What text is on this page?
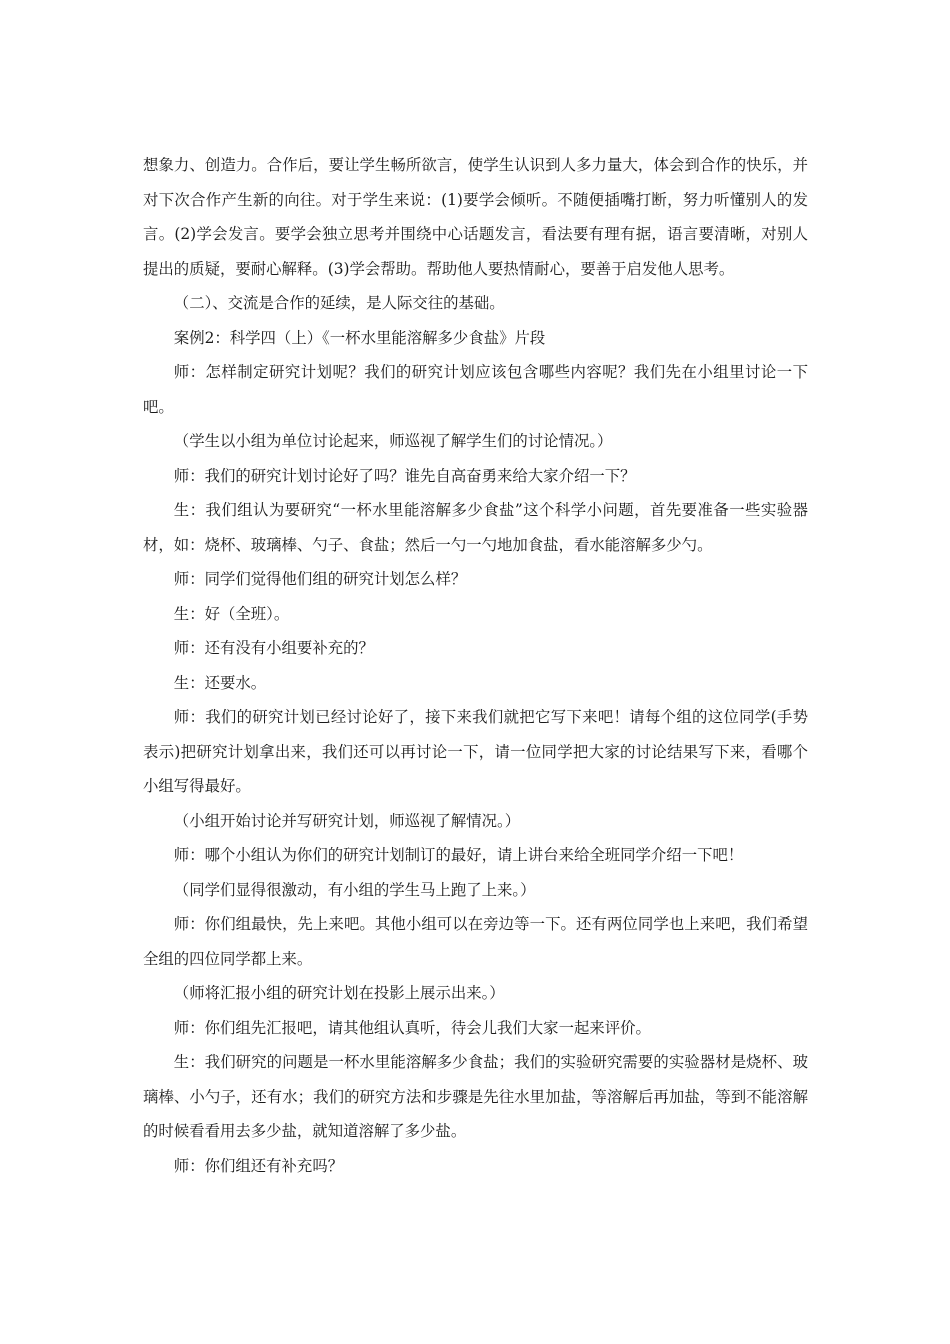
想象力、创造力。合作后，要让学生畅所欲言，使学生认识到人多力量大，体会到合作的快乐，并对下次合作产生新的向往。对于学生来说：(1)要学会倾听。不随便插嘴打断，努力听懂别人的发言。(2)学会发言。要学会独立思考并围绕中心话题发言，看法要有理有据，语言要清晰，对别人提出的质疑，要耐心解释。(3)学会帮助。帮助他人要热情耐心，要善于启发他人思考。

（二）、交流是合作的延续，是人际交往的基础。

案例2：科学四（上）《一杯水里能溶解多少食盐》片段

师：怎样制定研究计划呢？我们的研究计划应该包含哪些内容呢？我们先在小组里讨论一下吧。

（学生以小组为单位讨论起来，师巡视了解学生们的讨论情况。）

师：我们的研究计划讨论好了吗？谁先自高奋勇来给大家介绍一下？

生：我们组认为要研究“一杯水里能溶解多少食盐”这个科学小问题，首先要准备一些实验器材，如：烧杯、玻璃棒、勺子、食盐；然后一勺一勺地加食盐，看水能溶解多少勺。

师：同学们觉得他们组的研究计划怎么样？

生：好（全班）。

师：还有没有小组要补充的？

生：还要水。

师：我们的研究计划已经讨论好了，接下来我们就把它写下来吧！请每个组的这位同学(手势表示)把研究计划拿出来，我们还可以再讨论一下，请一位同学把大家的讨论结果写下来，看哪个小组写得最好。

（小组开始讨论并写研究计划，师巡视了解情况。）

师：哪个小组认为你们的研究计划制订的最好，请上讲台来给全班同学介绍一下吧！

（同学们显得很激动，有小组的学生马上跑了上来。）

师：你们组最快，先上来吧。其他小组可以在旁边等一下。还有两位同学也上来吧，我们希望全组的四位同学都上来。

（师将汇报小组的研究计划在投影上展示出来。）

师：你们组先汇报吧，请其他组认真听，待会儿我们大家一起来评价。

生：我们研究的问题是一杯水里能溶解多少食盐；我们的实验研究需要的实验器材是烧杯、玻璃棒、小勺子，还有水；我们的研究方法和步骤是先往水里加盐，等溶解后再加盐，等到不能溶解的时候看看用去多少盐，就知道溶解了多少盐。

师：你们组还有补充吗？
